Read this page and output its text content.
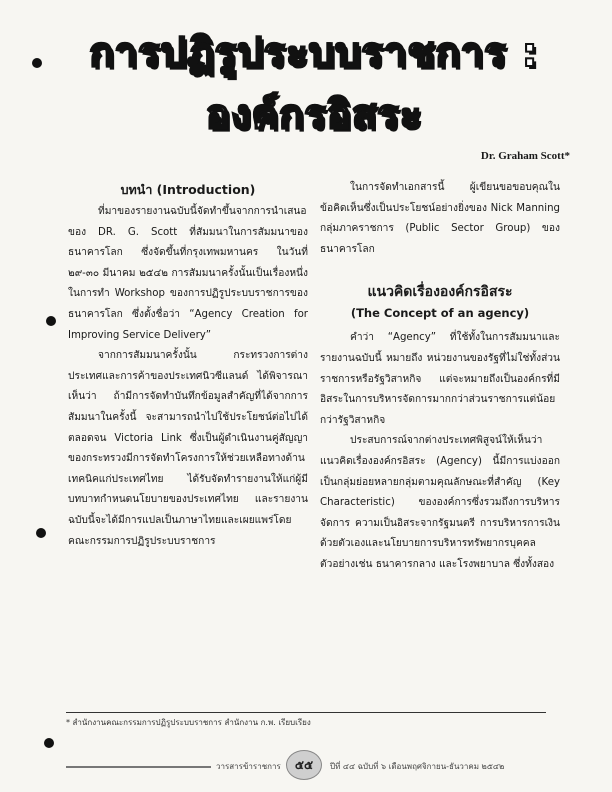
การปฏิรูประบบราชการ :
องค์กรอิสระ
Dr. Graham Scott*
บทนำ (Introduction)

ที่มาของรายงานฉบับนี้จัดทำขึ้นจากการนำเสนอของ DR. G. Scott ที่สัมมนาในการสัมมนาของธนาคารโลก ซึ่งจัดขึ้นที่กรุงเทพมหานคร ในวันที่ ๒๙-๓๐ มีนาคม ๒๕๔๒ การสัมมนาครั้งนั้นเป็นเรื่องหนึ่งในการทำ Workshop ของการปฏิรูประบบราชการของธนาคารโลก ซึ่งตั้งชื่อว่า “Agency Creation for Improving Service Delivery”

จากการสัมมนาครั้งนั้น กระทรวงการต่างประเทศและการค้าของประเทศนิวซีแลนด์ ได้พิจารณาเห็นว่า ถ้ามีการจัดทำบันทึกข้อมูลสำคัญที่ได้จากการสัมมนาในครั้งนี้ จะสามารถนำไปใช้ประโยชน์ต่อไปได้ ตลอดจน Victoria Link ซึ่งเป็นผู้ดำเนินงานคู่สัญญาของกระทรวงมีการจัดทำโครงการให้ช่วยเหลือทางด้านเทคนิคแก่ประเทศไทย ได้รับจัดทำรายงานให้แก่ผู้มีบทบาทกำหนดนโยบายของประเทศไทย และรายงานฉบับนี้จะได้มีการแปลเป็นภาษาไทยและเผยแพร่โดยคณะกรรมการปฏิรูประบบราชการ

ในการจัดทำเอกสารนี้ ผู้เขียนขอขอบคุณในข้อคิดเห็นซึ่งเป็นประโยชน์อย่างยิ่งของ Nick Manning กลุ่มภาคราชการ (Public Sector Group) ของธนาคารโลก

แนวคิดเรื่ององค์กรอิสระ
(The Concept of an agency)

คำว่า “Agency” ที่ใช้ทั้งในการสัมมนาและรายงานฉบับนี้ หมายถึง หน่วยงานของรัฐที่ไม่ใช่ทั้งส่วนราชการหรือรัฐวิสาหกิจ แต่จะหมายถึงเป็นองค์กรที่มีอิสระในการบริหารจัดการมากกว่าส่วนราชการแต่น้อยกว่ารัฐวิสาหกิจ

ประสบการณ์จากต่างประเทศพิสูจน์ให้เห็นว่าแนวคิดเรื่ององค์กรอิสระ (Agency) นี้มีการแบ่งออกเป็นกลุ่มย่อยหลายกลุ่มตามคุณลักษณะที่สำคัญ (Key Characteristic) ขององค์การซึ่งรวมถึงการบริหารจัดการ ความเป็นอิสระจากรัฐมนตรี การบริหารการเงินด้วยตัวเองและนโยบายการบริหารทรัพยากรบุคคล ตัวอย่างเช่น ธนาคารกลาง และโรงพยาบาล ซึ่งทั้งสอง

* สำนักงานคณะกรรมการปฏิรูประบบราชการ สำนักงาน ก.พ. เรียบเรียง
วารสารข้าราชการ	๕๕	ปีที่ ๔๔ ฉบับที่ ๖ เดือนพฤศจิกายน-ธันวาคม ๒๕๔๒
